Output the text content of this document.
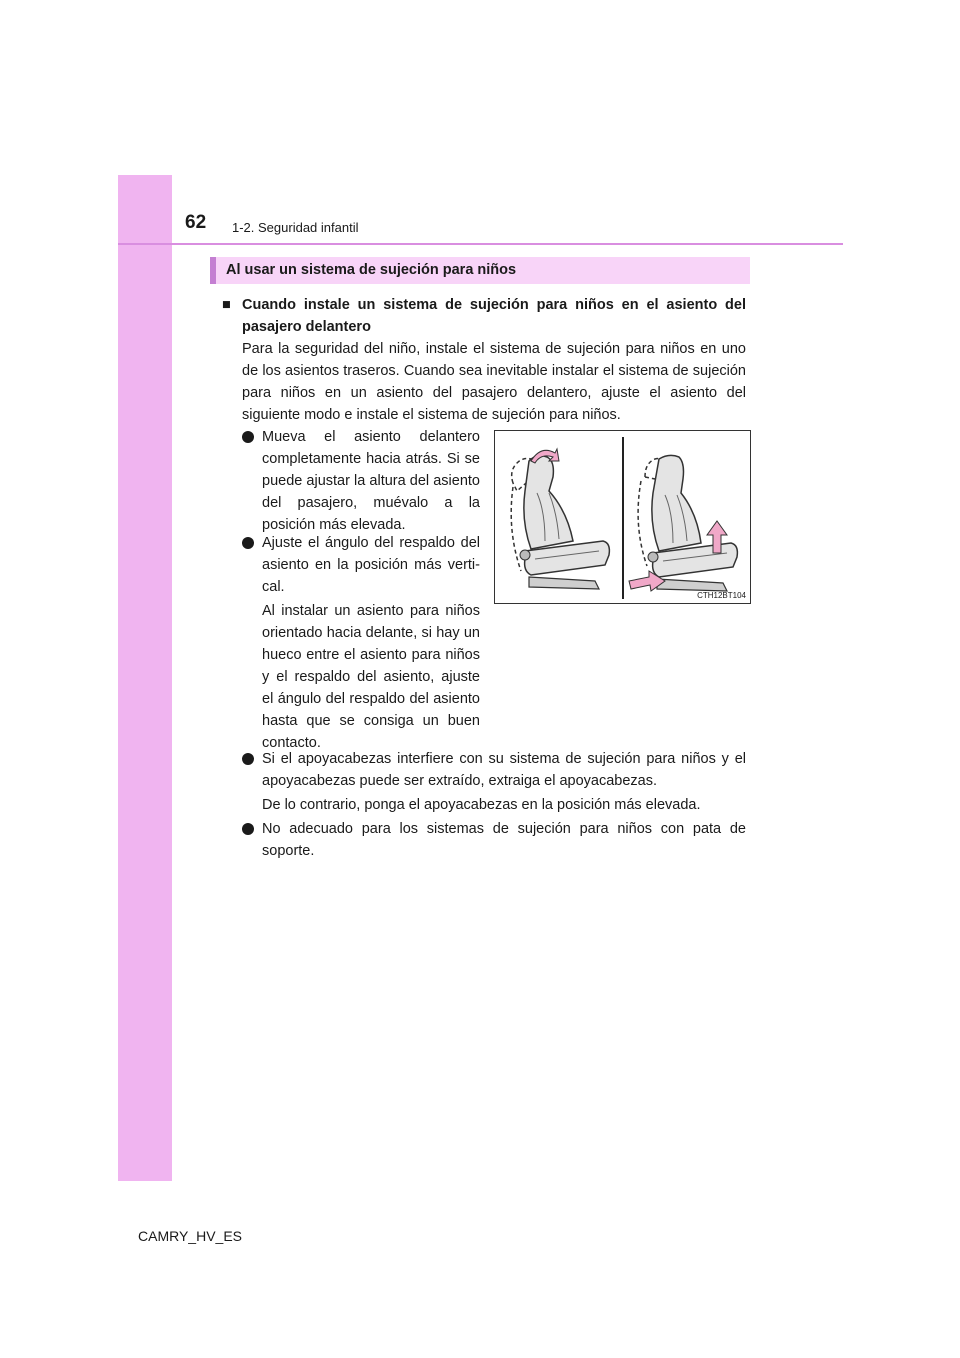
62 1-2. Seguridad infantil
Al usar un sistema de sujeción para niños
■ Cuando instale un sistema de sujeción para niños en el asiento del pasajero delantero
Para la seguridad del niño, instale el sistema de sujeción para niños en uno de los asientos traseros. Cuando sea inevitable instalar el sistema de sujeción para niños en un asiento del pasajero delantero, ajuste el asiento del siguiente modo e instale el sistema de sujeción para niños.
Mueva el asiento delantero completamente hacia atrás. Si se puede ajustar la altura del asiento del pasajero, muévalo a la posición más elevada.
Ajuste el ángulo del respaldo del asiento en la posición más verti-cal.
Al instalar un asiento para niños orientado hacia delante, si hay un hueco entre el asiento para niños y el respaldo del asiento, ajuste el ángulo del respaldo del asiento hasta que se consiga un buen contacto.
Si el apoyacabezas interfiere con su sistema de sujeción para niños y el apoyacabezas puede ser extraído, extraiga el apoyacabezas.
De lo contrario, ponga el apoyacabezas en la posición más elevada.
No adecuado para los sistemas de sujeción para niños con pata de soporte.
CTH12BT104
CAMRY_HV_ES
